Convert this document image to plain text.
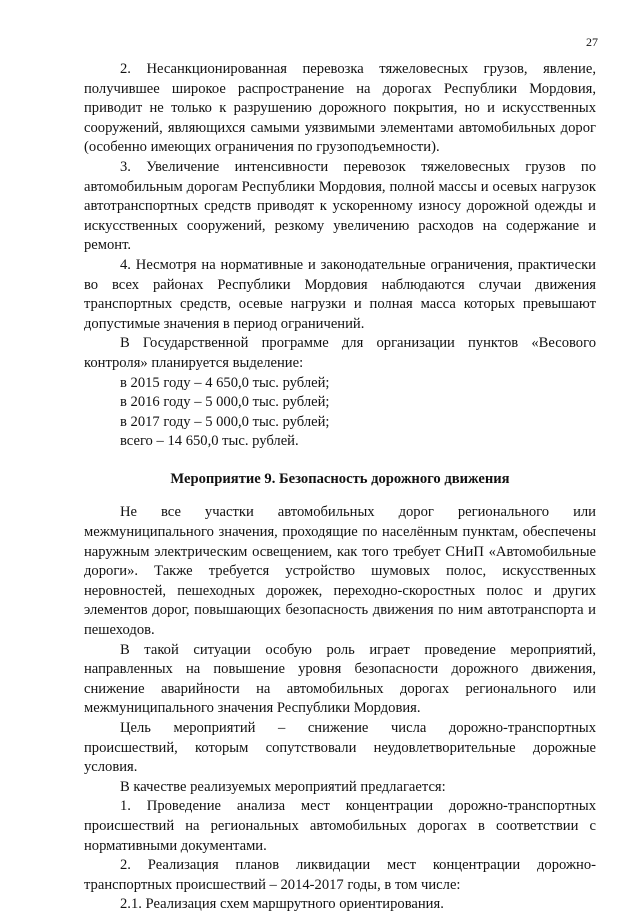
27

2. Несанкционированная перевозка тяжеловесных грузов, явление, получившее широкое распространение на дорогах Республики Мордовия, приводит не только к разрушению дорожного покрытия, но и искусственных сооружений, являющихся самыми уязвимыми элементами автомобильных дорог (особенно имеющих ограничения по грузоподъемности).

3. Увеличение интенсивности перевозок тяжеловесных грузов по автомобильным дорогам Республики Мордовия, полной массы и осевых нагрузок автотранспортных средств приводят к ускоренному износу дорожной одежды и искусственных сооружений, резкому увеличению расходов на содержание и ремонт.

4. Несмотря на нормативные и законодательные ограничения, практически во всех районах Республики Мордовия наблюдаются случаи движения транспортных средств, осевые нагрузки и полная масса которых превышают допустимые значения в период ограничений.

В Государственной программе для организации пунктов «Весового контроля» планируется выделение:

в 2015 году – 4 650,0 тыс. рублей;

в 2016 году – 5 000,0 тыс. рублей;

в 2017 году – 5 000,0 тыс. рублей;

всего – 14 650,0 тыс. рублей.

Мероприятие 9. Безопасность дорожного движения

Не все участки автомобильных дорог регионального или межмуниципального значения, проходящие по населённым пунктам, обеспечены наружным электрическим освещением, как того требует СНиП «Автомобильные дороги». Также требуется устройство шумовых полос, искусственных неровностей, пешеходных дорожек, переходно-скоростных полос и других элементов дорог, повышающих безопасность движения по ним автотранспорта и пешеходов.

В такой ситуации особую роль играет проведение мероприятий, направленных на повышение уровня безопасности дорожного движения, снижение аварийности на автомобильных дорогах регионального или межмуниципального значения Республики Мордовия.

Цель мероприятий – снижение числа дорожно-транспортных происшествий, которым сопутствовали неудовлетворительные дорожные условия.

В качестве реализуемых мероприятий предлагается:

1. Проведение анализа мест концентрации дорожно-транспортных происшествий на региональных автомобильных дорогах в соответствии с нормативными документами.

2. Реализация планов ликвидации мест концентрации дорожно-транспортных происшествий – 2014-2017 годы, в том числе:

2.1. Реализация схем маршрутного ориентирования.
